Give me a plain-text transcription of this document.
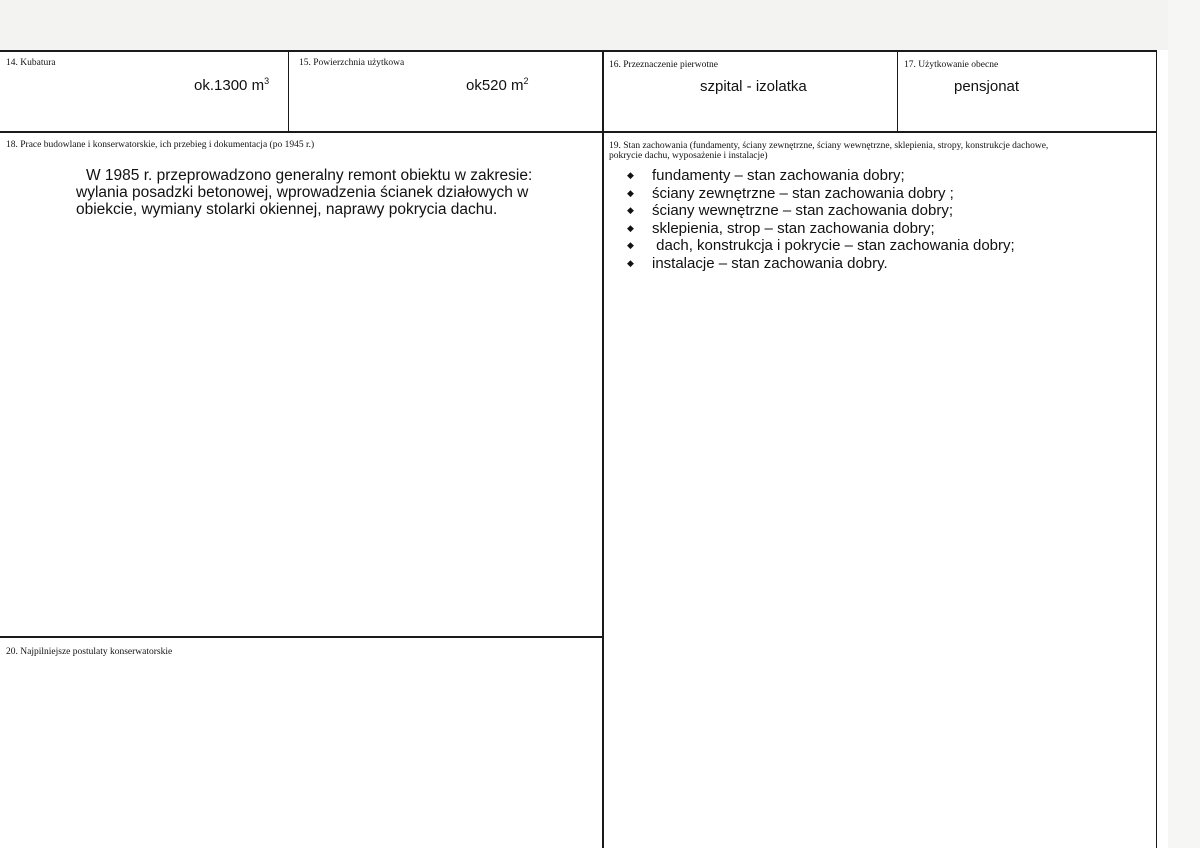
14. Kubatura
ok.1300 $m^3$
15. Powierzchnia użytkowa
ok520 $m^2$
16. Przeznaczenie pierwotne
szpital - izolatka
17. Użytkowanie obecne
pensjonat
18. Prace budowlane i konserwatorskie, ich przebieg i dokumentacja (po 1945 r.)
W 1985 r. przeprowadzono generalny remont obiektu w zakresie:
wylania posadzki betonowej, wprowadzenia ścianek działowych w
obiekcie, wymiany stolarki okiennej, naprawy pokrycia dachu.
19. Stan zachowania (fundamenty, ściany zewnętrzne, ściany wewnętrzne, sklepienia, stropy, konstrukcje dachowe,
pokrycie dachu, wyposażenie i instalacje)
◆ fundamenty – stan zachowania dobry;
◆ ściany zewnętrzne – stan zachowania dobry ;
◆ ściany wewnętrzne – stan zachowania dobry;
◆ sklepienia, strop – stan zachowania dobry;
◆ dach, konstrukcja i pokrycie – stan zachowania dobry;
◆ instalacje – stan zachowania dobry.
20. Najpilniejsze postulaty konserwatorskie
